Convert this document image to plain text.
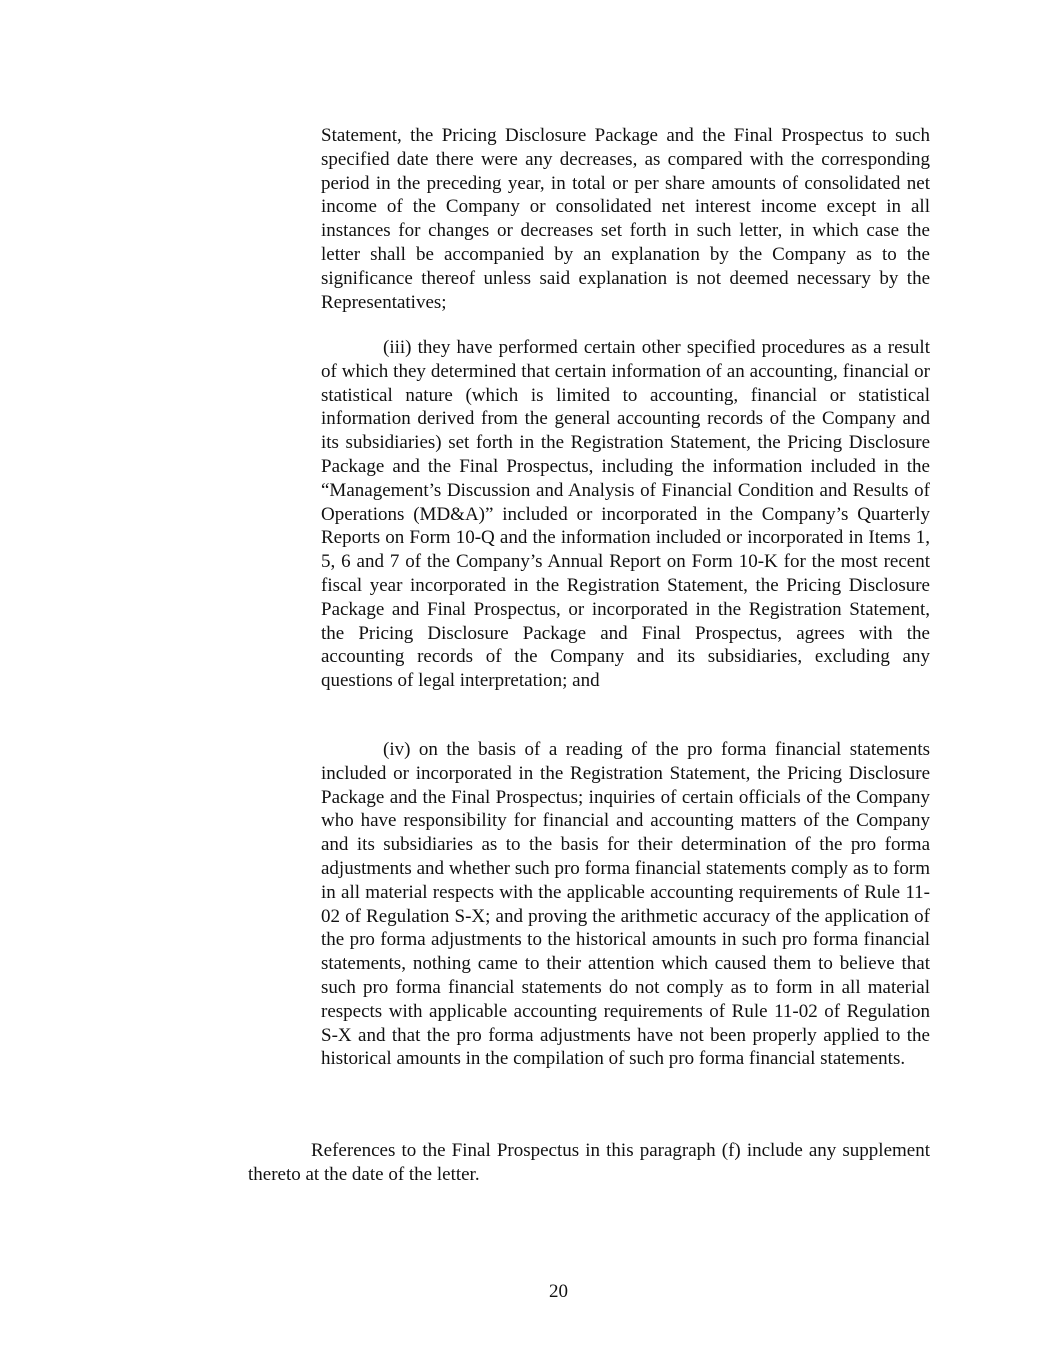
Statement, the Pricing Disclosure Package and the Final Prospectus to such specified date there were any decreases, as compared with the corresponding period in the preceding year, in total or per share amounts of consolidated net income of the Company or consolidated net interest income except in all instances for changes or decreases set forth in such letter, in which case the letter shall be accompanied by an explanation by the Company as to the significance thereof unless said explanation is not deemed necessary by the Representatives;

(iii) they have performed certain other specified procedures as a result of which they determined that certain information of an accounting, financial or statistical nature (which is limited to accounting, financial or statistical information derived from the general accounting records of the Company and its subsidiaries) set forth in the Registration Statement, the Pricing Disclosure Package and the Final Prospectus, including the information included in the “Management’s Discussion and Analysis of Financial Condition and Results of Operations (MD&A)” included or incorporated in the Company’s Quarterly Reports on Form 10-Q and the information included or incorporated in Items 1, 5, 6 and 7 of the Company’s Annual Report on Form 10-K for the most recent fiscal year incorporated in the Registration Statement, the Pricing Disclosure Package and Final Prospectus, or incorporated in the Registration Statement, the Pricing Disclosure Package and Final Prospectus, agrees with the accounting records of the Company and its subsidiaries, excluding any questions of legal interpretation; and

(iv) on the basis of a reading of the pro forma financial statements included or incorporated in the Registration Statement, the Pricing Disclosure Package and the Final Prospectus; inquiries of certain officials of the Company who have responsibility for financial and accounting matters of the Company and its subsidiaries as to the basis for their determination of the pro forma adjustments and whether such pro forma financial statements comply as to form in all material respects with the applicable accounting requirements of Rule 11-02 of Regulation S-X; and proving the arithmetic accuracy of the application of the pro forma adjustments to the historical amounts in such pro forma financial statements, nothing came to their attention which caused them to believe that such pro forma financial statements do not comply as to form in all material respects with applicable accounting requirements of Rule 11-02 of Regulation S-X and that the pro forma adjustments have not been properly applied to the historical amounts in the compilation of such pro forma financial statements.

References to the Final Prospectus in this paragraph (f) include any supplement thereto at the date of the letter.

20
